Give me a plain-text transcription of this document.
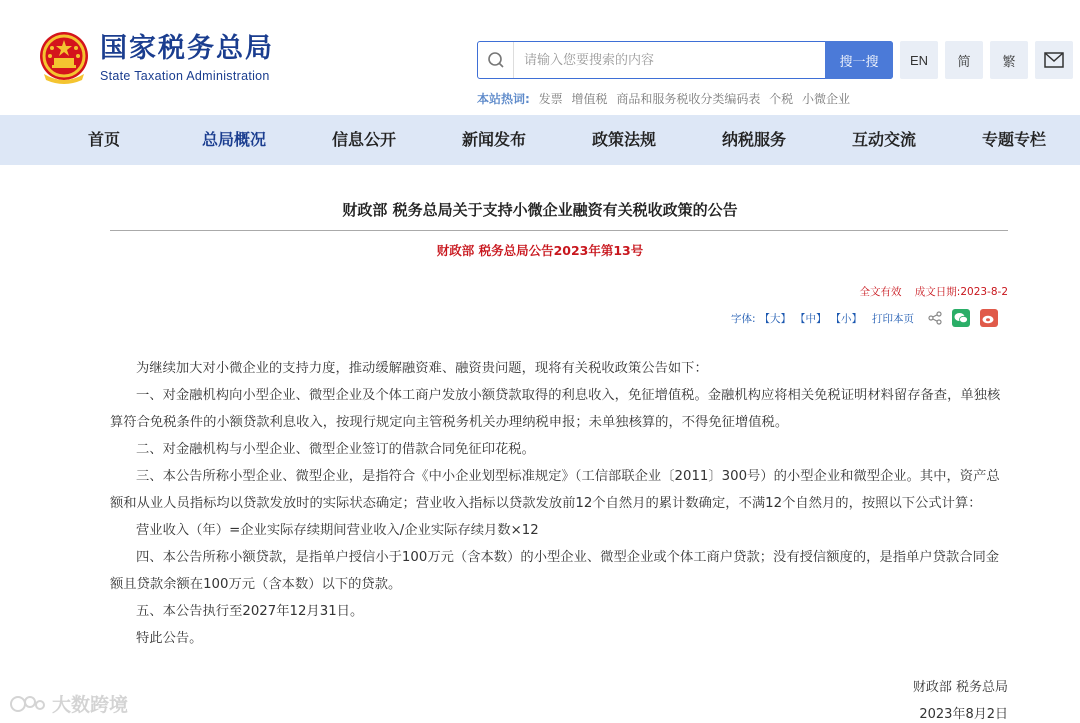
国家税务总局
State Taxation Administration
请输入您要搜索的内容
搜一搜	EN	简	繁
本站热词: 发票 增值税 商品和服务税收分类编码表 个税 小微企业
首页	总局概况	信息公开	新闻发布	政策法规	纳税服务	互动交流	专题专栏
财政部 税务总局关于支持小微企业融资有关税收政策的公告
财政部 税务总局公告2023年第13号
全文有效 成文日期:2023-8-2
字体: 【大】 【中】 【小】 打印本页

为继续加大对小微企业的支持力度，推动缓解融资难、融资贵问题，现将有关税收政策公告如下：

一、对金融机构向小型企业、微型企业及个体工商户发放小额贷款取得的利息收入，免征增值税。金融机构应将相关免税证明材料留存备查，单独核算符合免税条件的小额贷款利息收入，按现行规定向主管税务机关办理纳税申报；未单独核算的，不得免征增值税。

二、对金融机构与小型企业、微型企业签订的借款合同免征印花税。

三、本公告所称小型企业、微型企业，是指符合《中小企业划型标准规定》（工信部联企业〔2011〕300号）的小型企业和微型企业。其中，资产总额和从业人员指标均以贷款发放时的实际状态确定；营业收入指标以贷款发放前12个自然月的累计数确定，不满12个自然月的，按照以下公式计算：

营业收入（年）=企业实际存续期间营业收入/企业实际存续月数×12

四、本公告所称小额贷款，是指单户授信小于100万元（含本数）的小型企业、微型企业或个体工商户贷款；没有授信额度的，是指单户贷款合同金额且贷款余额在100万元（含本数）以下的贷款。

五、本公告执行至2027年12月31日。

特此公告。

财政部 税务总局
2023年8月2日
大数跨境
